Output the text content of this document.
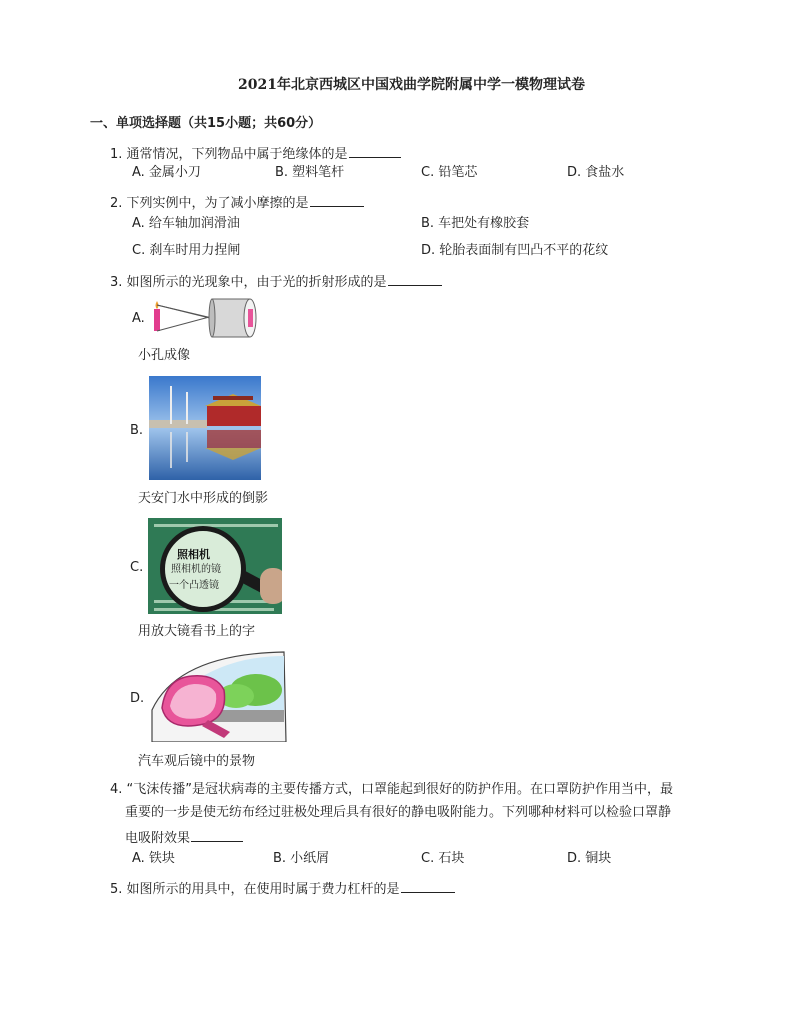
2021年北京西城区中国戏曲学院附属中学一模物理试卷
一、单项选择题（共15小题；共60分）
1. 通常情况，下列物品中属于绝缘体的是
A. 金属小刀	B. 塑料笔杆	C. 铅笔芯	D. 食盐水
2. 下列实例中，为了减小摩擦的是
A. 给车轴加润滑油	B. 车把处有橡胶套
C. 刹车时用力捏闸	D. 轮胎表面制有凹凸不平的花纹
3. 如图所示的光现象中，由于光的折射形成的是
A.
小孔成像
B.
天安门水中形成的倒影
C.
照相机
照相机的镜
一个凸透镜
用放大镜看书上的字
D.
汽车观后镜中的景物
4. “飞沫传播”是冠状病毒的主要传播方式，口罩能起到很好的防护作用。在口罩防护作用当中，最
重要的一步是使无纺布经过驻极处理后具有很好的静电吸附能力。下列哪种材料可以检验口罩静
电吸附效果
A. 铁块	B. 小纸屑	C. 石块	D. 铜块
5. 如图所示的用具中，在使用时属于费力杠杆的是
